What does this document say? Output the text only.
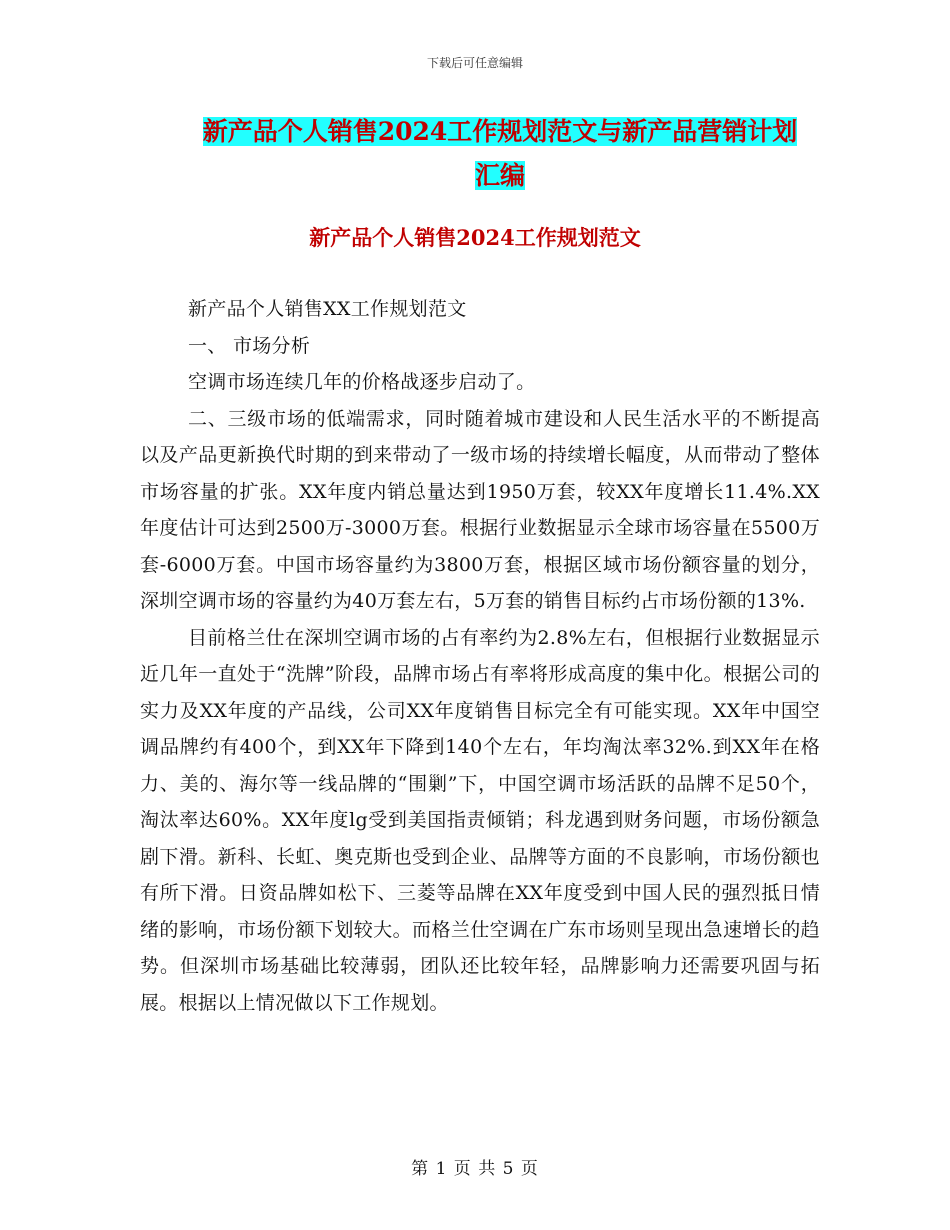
下载后可任意编辑
新产品个人销售2024工作规划范文与新产品营销计划
汇编
新产品个人销售2024工作规划范文

新产品个人销售XX工作规划范文

一、 市场分析

空调市场连续几年的价格战逐步启动了。

二、三级市场的低端需求，同时随着城市建设和人民生活水平的不断提高以及产品更新换代时期的到来带动了一级市场的持续增长幅度，从而带动了整体市场容量的扩张。XX年度内销总量达到1950万套，较XX年度增长11.4%.XX年度估计可达到2500万-3000万套。根据行业数据显示全球市场容量在5500万套-6000万套。中国市场容量约为3800万套，根据区域市场份额容量的划分，深圳空调市场的容量约为40万套左右，5万套的销售目标约占市场份额的13%.

目前格兰仕在深圳空调市场的占有率约为2.8%左右，但根据行业数据显示近几年一直处于“洗牌”阶段，品牌市场占有率将形成高度的集中化。根据公司的实力及XX年度的产品线，公司XX年度销售目标完全有可能实现。XX年中国空调品牌约有400个，到XX年下降到140个左右，年均淘汰率32%.到XX年在格力、美的、海尔等一线品牌的“围剿”下，中国空调市场活跃的品牌不足50个，淘汰率达60%。XX年度lg受到美国指责倾销；科龙遇到财务问题，市场份额急剧下滑。新科、长虹、奥克斯也受到企业、品牌等方面的不良影响，市场份额也有所下滑。日资品牌如松下、三菱等品牌在XX年度受到中国人民的强烈抵日情绪的影响，市场份额下划较大。而格兰仕空调在广东市场则呈现出急速增长的趋势。但深圳市场基础比较薄弱，团队还比较年轻，品牌影响力还需要巩固与拓展。根据以上情况做以下工作规划。

第 1 页 共 5 页
